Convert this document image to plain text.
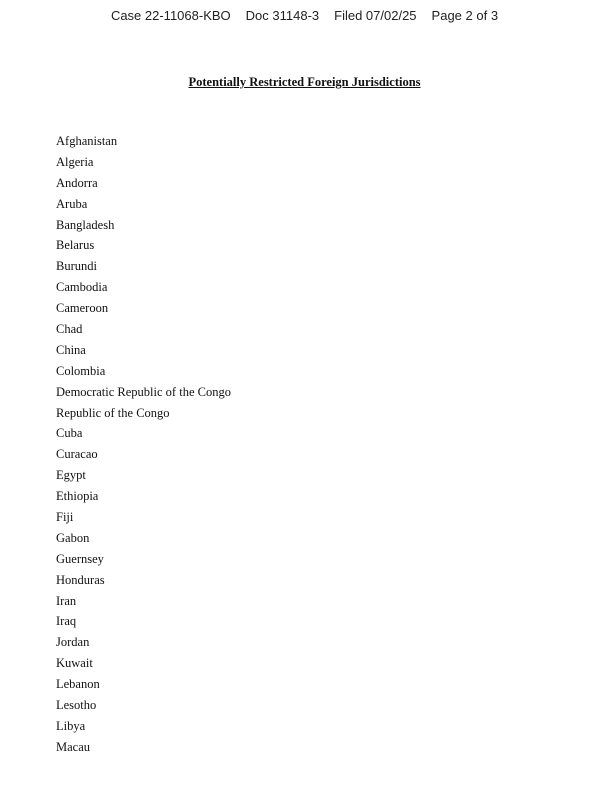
Case 22-11068-KBO Doc 31148-3 Filed 07/02/25 Page 2 of 3
Potentially Restricted Foreign Jurisdictions
Afghanistan
Algeria
Andorra
Aruba
Bangladesh
Belarus
Burundi
Cambodia
Cameroon
Chad
China
Colombia
Democratic Republic of the Congo
Republic of the Congo
Cuba
Curacao
Egypt
Ethiopia
Fiji
Gabon
Guernsey
Honduras
Iran
Iraq
Jordan
Kuwait
Lebanon
Lesotho
Libya
Macau
